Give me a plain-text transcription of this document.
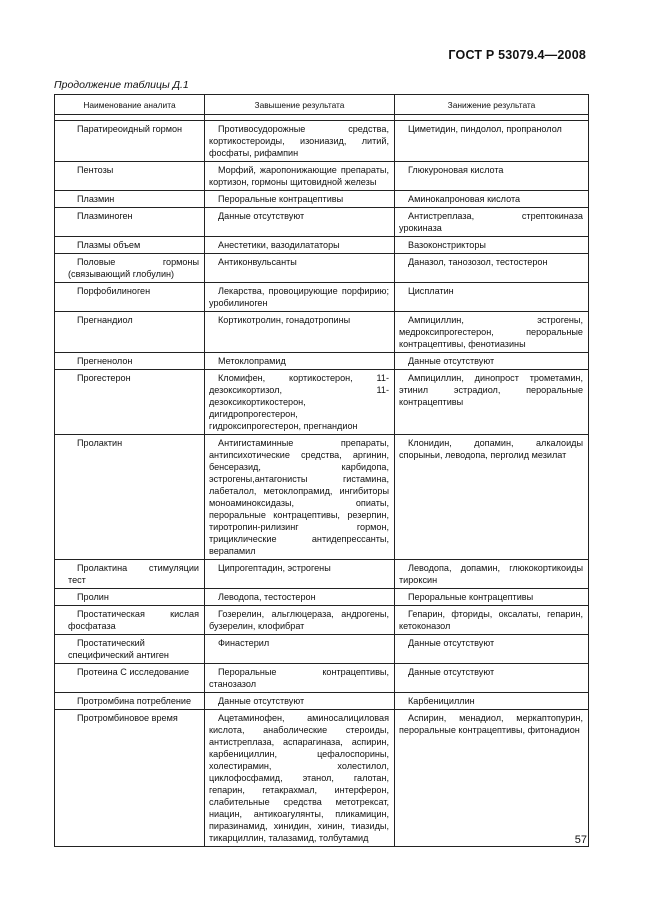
ГОСТ Р 53079.4—2008
Продолжение таблицы Д.1
Наименование аналита	Завышение результата	Занижение результата

Паратиреоидный гормон	Противосудорожные средства, кортикостероиды, изониазид, литий, фосфаты, рифампин	Циметидин, пиндолол, пропранолол

Пентозы	Морфий, жаропонижающие препараты, кортизон, гормоны щитовидной железы	Глюкуроновая кислота

Плазмин	Пероральные контрацептивы	Аминокапроновая кислота

Плазминоген	Данные отсутствуют	Антистреплаза, стрептокиназа урокиназа

Плазмы объем	Анестетики, вазодилататоры	Вазоконстрикторы

Половые гормоны (связывающий глобулин)	Антиконвульсанты	Даназол, танозозол, тестостерон

Порфобилиноген	Лекарства, провоцирующие порфирию; уробилиноген	Цисплатин

Прегнандиол	Кортикотролин, гонадотропины	Ампициллин, эстрогены, медроксипрогестерон, пероральные контрацептивы, фенотиазины

Прегненолон	Метоклопрамид	Данные отсутствуют

Прогестерон	Кломифен, кортикостерон, 11-дезоксикортизол, 11-дезоксикортикостерон, дигидропрогестерон, гидроксипрогестерон, прегнандион	Ампициллин, динопрост трометамин, этинил эстрадиол, пероральные контрацептивы

Пролактин	Антигистаминные препараты, антипсихотические средства, аргинин, бенсеразид, карбидопа, эстрогены,антагонисты гистамина, лабеталол, метоклопрамид, ингибиторы моноаминоксидазы, опиаты, пероральные контрацептивы, резерпин, тиротропин-рилизинг гормон, трициклические антидепрессанты, верапамил	Клонидин, допамин, алкалоиды спорыньи, леводопа, перголид мезилат

Пролактина стимуляции тест	Ципрогептадин, эстрогены	Леводопа, допамин, глюкокортикоиды тироксин

Пролин	Леводопа, тестостерон	Пероральные контрацептивы

Простатическая кислая фосфатаза	Гозерелин, альглюцераза, андрогены, бузерелин, клофибрат	Гепарин, фториды, оксалаты, гепарин, кетоконазол

Простатический специфический антиген	Финастерил	Данные отсутствуют

Протеина С исследование	Пероральные контрацептивы, станозазол	Данные отсутствуют

Протромбина потребление	Данные отсутствуют	Карбенициллин

Протромбиновое время	Ацетаминофен, аминосалициловая кислота, анаболические стероиды, антистреплаза, аспарагиназа, аспирин, карбенициллин, цефалоспорины, холестирамин, холестилол, циклофосфамид, этанол, галотан, гепарин, гетакрахмал, интерферон, слабительные средства метотрексат, ниацин, антикоагулянты, пликамицин, пиразинамид, хинидин, хинин, тиазиды, тикарциллин, талазамид, толбутамид	Аспирин, менадиол, меркаптопурин, пероральные контрацептивы, фитонадион
57
